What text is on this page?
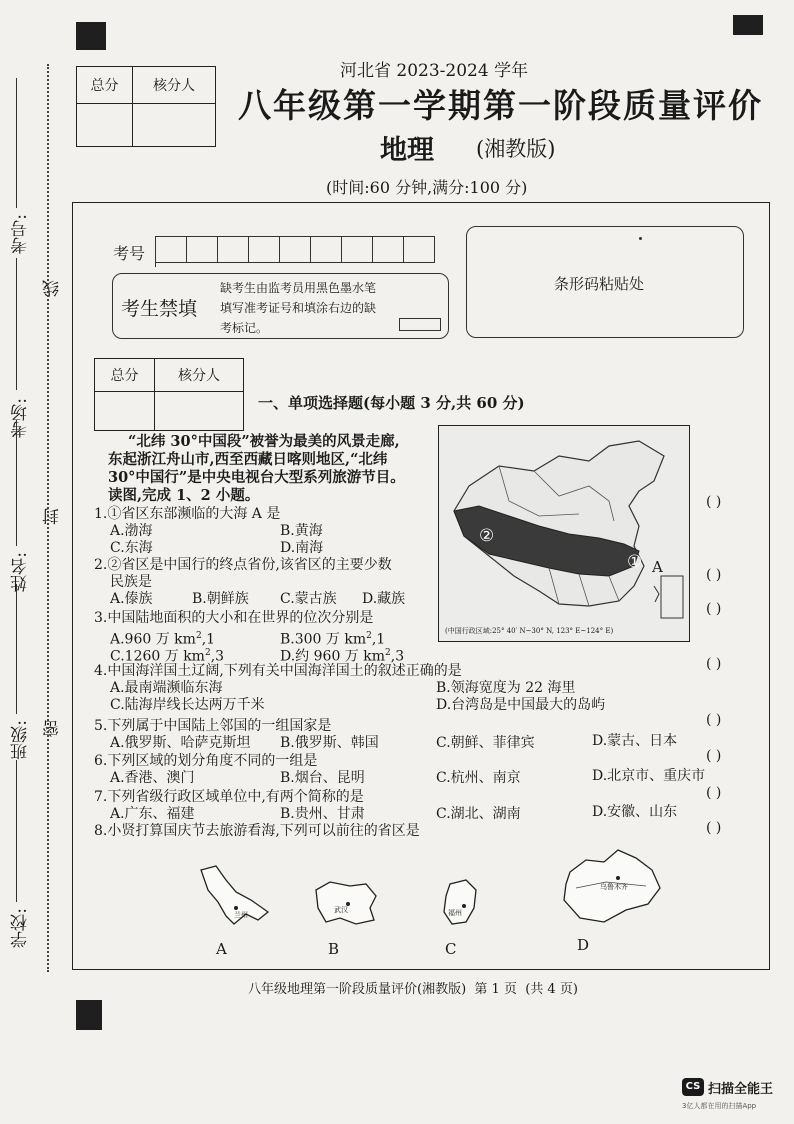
总分	核分人

河北省 2023-2024 学年
八年级第一学期第一阶段质量评价
地理 (湘教版)
(时间:60 分钟,满分:100 分)
考号:
线
考场:
封
姓名:
班级: 密
学校:
考号
考生禁填
缺考生由监考员用黑色墨水笔
填写准考证号和填涂右边的缺
考标记。
条形码粘贴处
总分	核分人

一、单项选择题(每小题 3 分,共 60 分)
“北纬 30°中国段”被誉为最美的风景走廊,
东起浙江舟山市,西至西藏日喀则地区,“北纬
30°中国行”是中央电视台大型系列旅游节目。
读图,完成 1、2 小题。
②
① A
(中国行政区域:25° 40′ N~30° N, 123° E~124° E)
( )
( )
( )
( )
( )
( )
( )
( )
1.①省区东部濒临的大海 A 是
A.渤海	B.黄海
C.东海	D.南海
2.②省区是中国行的终点省份,该省区的主要少数
民族是
A.傣族	B.朝鲜族 C.蒙古族 D.藏族
3.中国陆地面积的大小和在世界的位次分别是
A.960 万 $km^2,1$	B.300 万 $km^2,1$
C.1260 万 $km^2,3$	D.约 960 万 $km^2,3$
4.中国海洋国土辽阔,下列有关中国海洋国土的叙述正确的是
A.最南端濒临东海	B.领海宽度为 22 海里
C.陆海岸线长达两万千米	D.台湾岛是中国最大的岛屿
5.下列属于中国陆上邻国的一组国家是
A.俄罗斯、哈萨克斯坦 B.俄罗斯、韩国	C.朝鲜、菲律宾	D.蒙古、日本
6.下列区域的划分角度不同的一组是
A.香港、澳门	B.烟台、昆明	C.杭州、南京	D.北京市、重庆市
7.下列省级行政区域单位中,有两个简称的是
A.广东、福建	B.贵州、甘肃	C.湖北、湖南	D.安徽、山东
8.小贤打算国庆节去旅游看海,下列可以前往的省区是
兰州
A
武汉
B
福州
C
乌鲁木齐
D
八年级地理第一阶段质量评价(湘教版)  第 1 页  (共 4 页)
CS 扫描全能王
3亿人都在用的扫描App
